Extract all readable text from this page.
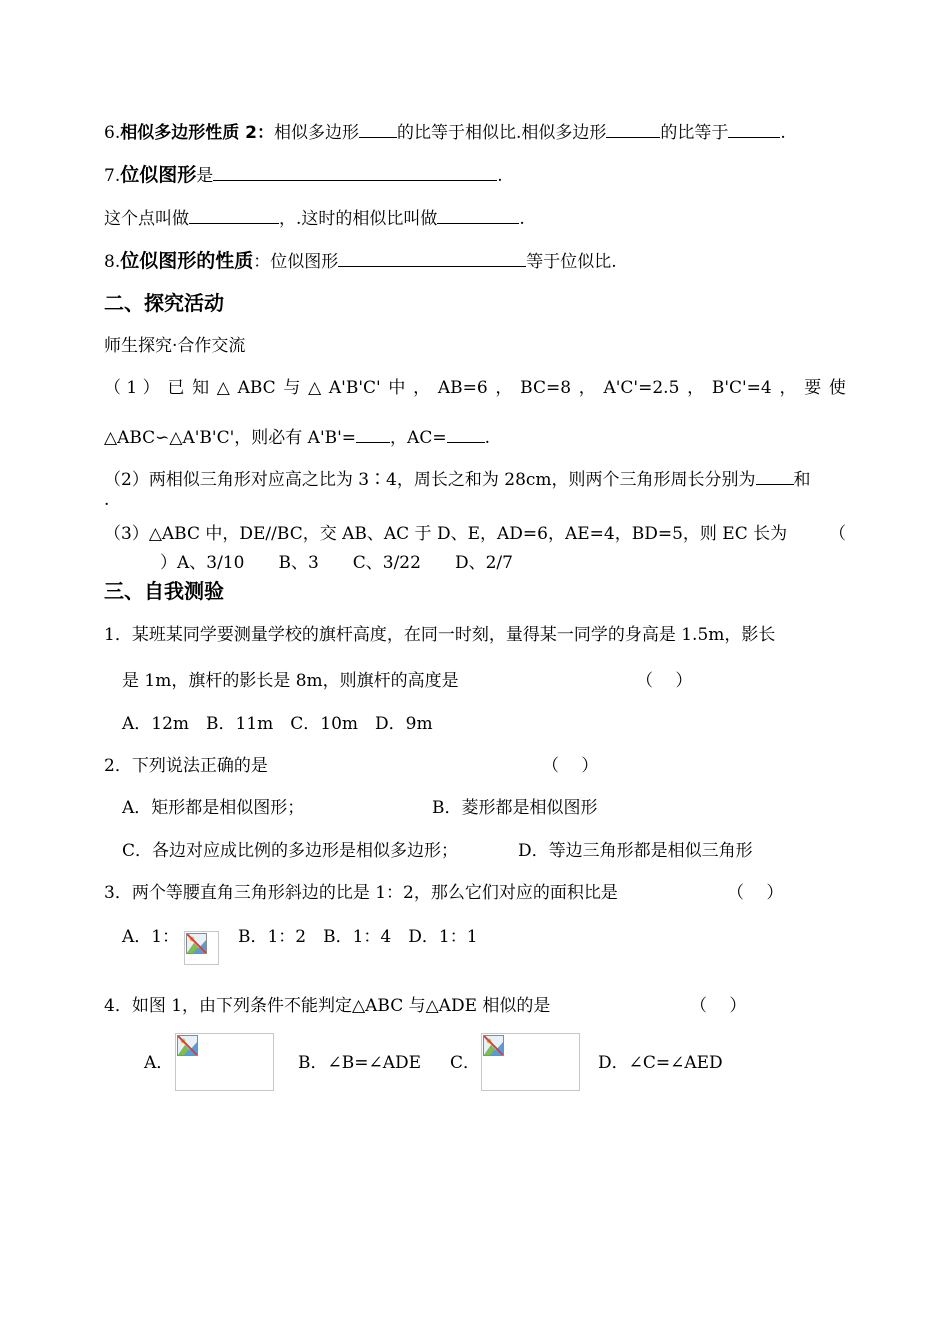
6.相似多边形性质 2：相似多边形 的比等于相似比.相似多边形	的比等于	.
7.位似图形是	.
这个点叫做	，.这时的相似比叫做	.
8.位似图形的性质：位似图形	等于位似比.
二、探究活动
师生探究·合作交流
（ 1 ） 已 知 △ ABC 与 △ A'B'C' 中 ， AB=6 ， BC=8 ， A'C'=2.5 ， B'C'=4 ， 要 使
△ABC∽△A'B'C'，则必有 A'B'= ，AC= .
（2）两相似三角形对应高之比为 3∶4，周长之和为 28cm，则两个三角形周长分别为 和
.
（3）△ABC 中，DE//BC，交 AB、AC 于 D、E，AD=6，AE=4，BD=5，则 EC 长为 （
）A、3/10　　B、3　　C、3/22　　D、2/7
三、自我测验
1．某班某同学要测量学校的旗杆高度，在同一时刻，量得某一同学的身高是 1.5m，影长
是 1m，旗杆的影长是 8m，则旗杆的高度是	（　 ）
A．12m　B．11m　C．10m　D．9m
2．下列说法正确的是	（　 ）
A．矩形都是相似图形；	B．菱形都是相似图形
C．各边对应成比例的多边形是相似多边形；	D．等边三角形都是相似三角形
3．两个等腰直角三角形斜边的比是 1：2，那么它们对应的面积比是	（　 ）
A．1：	B．1：2　B．1：4　D．1：1
4．如图 1，由下列条件不能判定△ABC 与△ADE 相似的是	（　 ）
A．	B．∠B=∠ADE C．	D．∠C=∠AED
